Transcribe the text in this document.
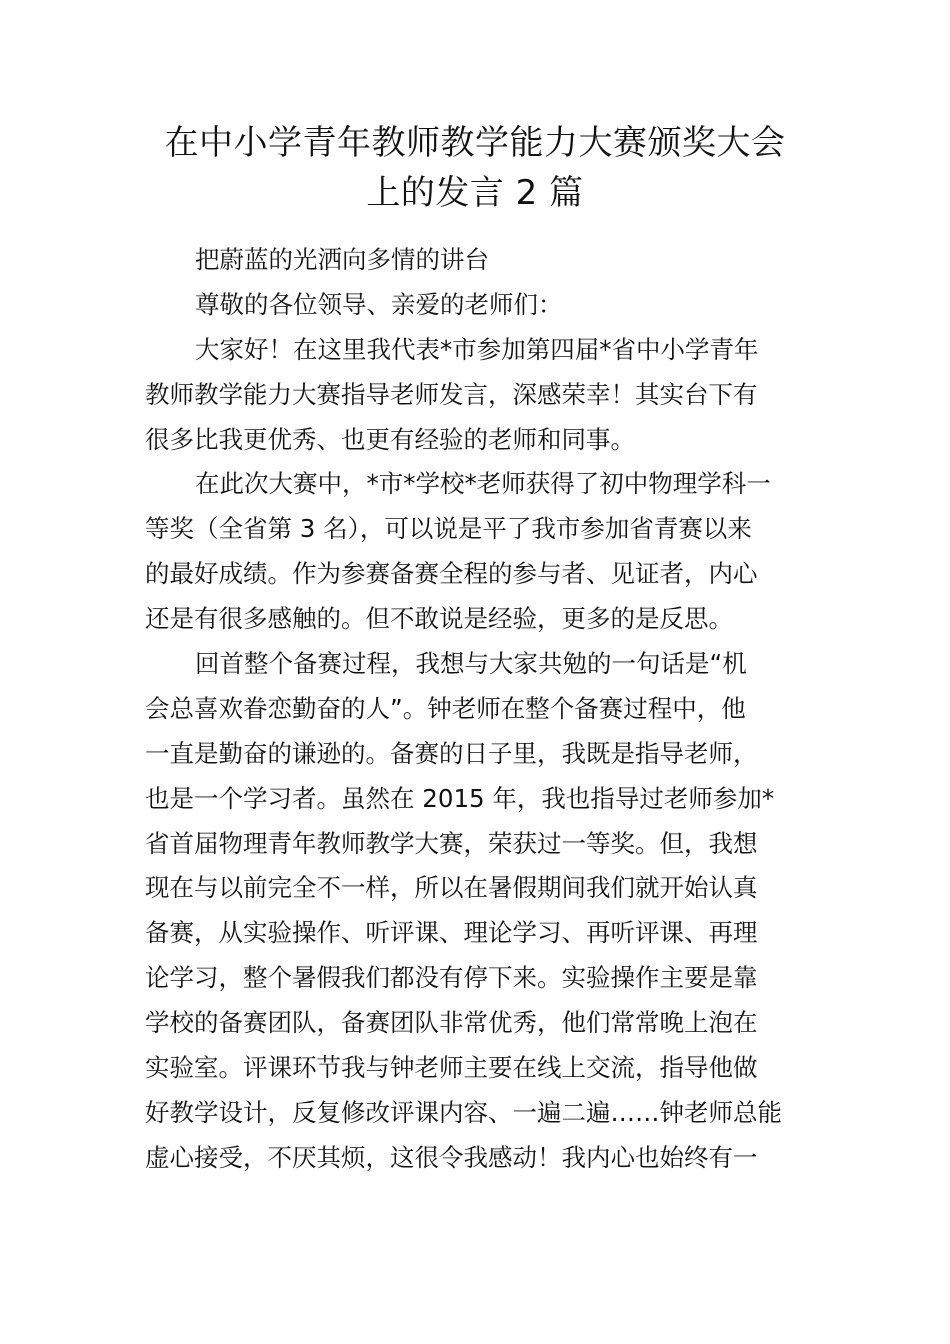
在中小学青年教师教学能力大赛颁奖大会
上的发言 2 篇

把蔚蓝的光洒向多情的讲台

尊敬的各位领导、亲爱的老师们：

大家好！在这里我代表*市参加第四届*省中小学青年
教师教学能力大赛指导老师发言，深感荣幸！其实台下有
很多比我更优秀、也更有经验的老师和同事。

在此次大赛中，*市*学校*老师获得了初中物理学科一
等奖（全省第 3 名），可以说是平了我市参加省青赛以来
的最好成绩。作为参赛备赛全程的参与者、见证者，内心
还是有很多感触的。但不敢说是经验，更多的是反思。

回首整个备赛过程，我想与大家共勉的一句话是“机
会总喜欢眷恋勤奋的人”。钟老师在整个备赛过程中，他
一直是勤奋的谦逊的。备赛的日子里，我既是指导老师，
也是一个学习者。虽然在 2015 年，我也指导过老师参加*
省首届物理青年教师教学大赛，荣获过一等奖。但，我想
现在与以前完全不一样，所以在暑假期间我们就开始认真
备赛，从实验操作、听评课、理论学习、再听评课、再理
论学习，整个暑假我们都没有停下来。实验操作主要是靠
学校的备赛团队，备赛团队非常优秀，他们常常晚上泡在
实验室。评课环节我与钟老师主要在线上交流，指导他做
好教学设计，反复修改评课内容、一遍二遍……钟老师总能
虚心接受，不厌其烦，这很令我感动！我内心也始终有一
